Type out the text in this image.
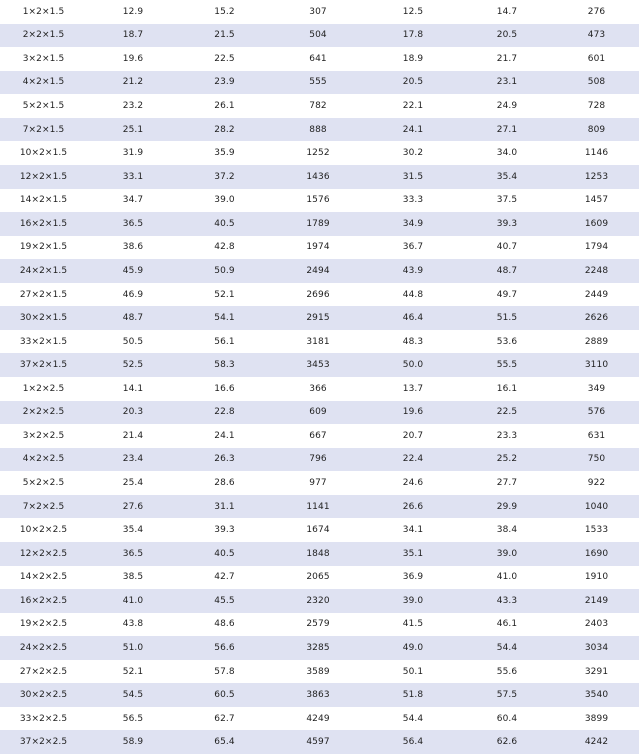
1×2×1.5	12.9	15.2	307	12.5	14.7	276
2×2×1.5	18.7	21.5	504	17.8	20.5	473
3×2×1.5	19.6	22.5	641	18.9	21.7	601
4×2×1.5	21.2	23.9	555	20.5	23.1	508
5×2×1.5	23.2	26.1	782	22.1	24.9	728
7×2×1.5	25.1	28.2	888	24.1	27.1	809
10×2×1.5	31.9	35.9	1252	30.2	34.0	1146
12×2×1.5	33.1	37.2	1436	31.5	35.4	1253
14×2×1.5	34.7	39.0	1576	33.3	37.5	1457
16×2×1.5	36.5	40.5	1789	34.9	39.3	1609
19×2×1.5	38.6	42.8	1974	36.7	40.7	1794
24×2×1.5	45.9	50.9	2494	43.9	48.7	2248
27×2×1.5	46.9	52.1	2696	44.8	49.7	2449
30×2×1.5	48.7	54.1	2915	46.4	51.5	2626
33×2×1.5	50.5	56.1	3181	48.3	53.6	2889
37×2×1.5	52.5	58.3	3453	50.0	55.5	3110
1×2×2.5	14.1	16.6	366	13.7	16.1	349
2×2×2.5	20.3	22.8	609	19.6	22.5	576
3×2×2.5	21.4	24.1	667	20.7	23.3	631
4×2×2.5	23.4	26.3	796	22.4	25.2	750
5×2×2.5	25.4	28.6	977	24.6	27.7	922
7×2×2.5	27.6	31.1	1141	26.6	29.9	1040
10×2×2.5	35.4	39.3	1674	34.1	38.4	1533
12×2×2.5	36.5	40.5	1848	35.1	39.0	1690
14×2×2.5	38.5	42.7	2065	36.9	41.0	1910
16×2×2.5	41.0	45.5	2320	39.0	43.3	2149
19×2×2.5	43.8	48.6	2579	41.5	46.1	2403
24×2×2.5	51.0	56.6	3285	49.0	54.4	3034
27×2×2.5	52.1	57.8	3589	50.1	55.6	3291
30×2×2.5	54.5	60.5	3863	51.8	57.5	3540
33×2×2.5	56.5	62.7	4249	54.4	60.4	3899
37×2×2.5	58.9	65.4	4597	56.4	62.6	4242
